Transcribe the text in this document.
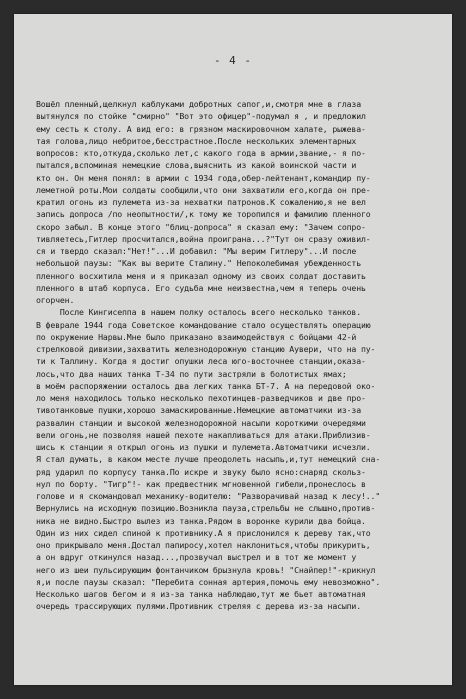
- 4 -
Вошёл пленный,щелкнул каблуками добротных сапог,и,смотря мне в глаза
вытянулся по стойке "смирно" "Вот это офицер"-подумал я , и предложил
ему сесть к столу. А вид его: в грязном маскировочном халате, рыжева-
тая голова,лицо небритое,бесстрастное.После нескольких элементарных
вопросов: кто,откуда,сколько лет,с какого года в армии,звание,- я по-
пытался,вспоминая немецкие слова,выяснить из какой воинской части и
кто он. Он меня понял: в армии с 1934 года,обер-лейтенант,командир пу-
леметной роты.Мои солдаты сообщили,что они захватили его,когда он пре-
кратил огонь из пулемета из-за нехватки патронов.К сожалению,я не вел
запись допроса /по неопытности/,к тому же торопился и фамилию пленного
скоро забыл. В конце этого "блиц-допроса" я сказал ему: "Зачем сопро-
тивляетесь,Гитлер просчитался,война проиграна...?"Тут он сразу оживил-
ся и твердо сказал:"Нет!"...И добавил: "Мы верим Гитлеру"...И после
небольшой паузы: "Как вы верите Сталину." Непоколебимая убежденность
пленного восхитила меня и я приказал одному из своих солдат доставить
пленного в штаб корпуса. Его судьба мне неизвестна,чем я теперь очень
огорчен.
После Кингисеппа в нашем полку осталось всего несколько танков.
В феврале 1944 года Советское командование стало осуществлять операцию
по окружение Нарвы.Мне было приказано взаимодействуя с бойцами 42-й
стрелковой дивизии,захватить железнодорожную станцию Аувери, что на пу-
ти к Таллину. Когда я достиг опушки леса юго-восточнее станции,оказа-
лось,что два наших танка Т-34 по пути застряли в болотистых ямах;
в моём распоряжении осталось два легких танка БТ-7. А на передовой око-
ло меня находилось только несколько пехотинцев-разведчиков и две про-
тивотанковые пушки,хорошо замаскированные.Немецкие автоматчики из-за
развалин станции и высокой железнодорожной насыпи короткими очередями
вели огонь,не позволяя нашей пехоте накапливаться для атаки.Приблизив-
шись к станции я открыл огонь из пушки и пулемета.Автоматчики исчезли.
Я стал думать, в каком месте лучше преодолеть насыпь,и,тут немецкий сна-
ряд ударил по корпусу танка.По искре и звуку было ясно:снаряд скольз-
нул по борту. "Тигр"!- как предвестник мгновенной гибели,пронеслось в
голове и я скомандовал механику-водителю: "Разворачивай назад к лесу!.."
Вернулись на исходную позицию.Возникла пауза,стрельбы не слышно,против-
ника не видно.Быстро вылез из танка.Рядом в воронке курили два бойца.
Один из них сидел спиной к противнику.А я прислонился к дереву так,что
оно прикрывало меня.Достал папиросу,хотел наклониться,чтобы прикурить,
а он вдруг откинулся назад...,прозвучал выстрел и в тот же момент у
него из шеи пульсирующим фонтанчиком брызнула кровь! "Снайпер!"-крикнул
я,и после паузы сказал: "Перебита сонная артерия,помочь ему невозможно".
Несколько шагов бегом и я из-за танка наблюдаю,тут же бьет автоматная
очередь трассирующих пулями.Противник стреляя с дерева из-за насыпи.
